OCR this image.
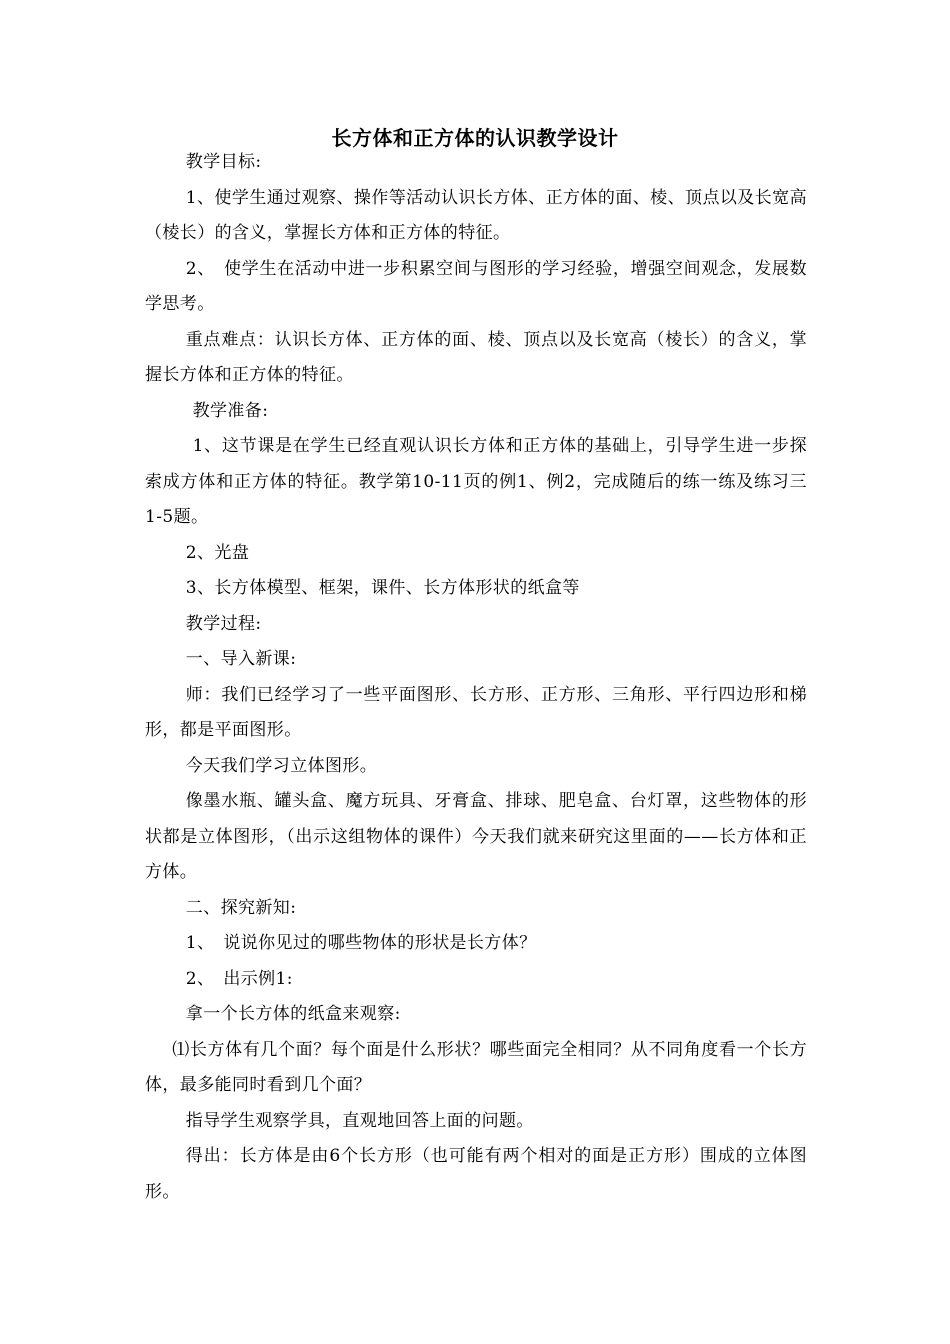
长方体和正方体的认识教学设计

教学目标:

1、使学生通过观察、操作等活动认识长方体、正方体的面、棱、顶点以及长宽高（棱长）的含义，掌握长方体和正方体的特征。

2、　使学生在活动中进一步积累空间与图形的学习经验，增强空间观念，发展数学思考。

重点难点：认识长方体、正方体的面、棱、顶点以及长宽高（棱长）的含义，掌握长方体和正方体的特征。

教学准备:

1、这节课是在学生已经直观认识长方体和正方体的基础上，引导学生进一步探索成方体和正方体的特征。教学第10-11页的例1、例2，完成随后的练一练及练习三1-5题。

2、光盘

3、长方体模型、框架，课件、长方体形状的纸盒等

教学过程:

一、导入新课:

师：我们已经学习了一些平面图形、长方形、正方形、三角形、平行四边形和梯形，都是平面图形。

今天我们学习立体图形。

像墨水瓶、罐头盒、魔方玩具、牙膏盒、排球、肥皂盒、台灯罩，这些物体的形状都是立体图形，（出示这组物体的课件）今天我们就来研究这里面的——长方体和正方体。

二、探究新知:

1、　说说你见过的哪些物体的形状是长方体？

2、　出示例1:

拿一个长方体的纸盒来观察:

⑴长方体有几个面？每个面是什么形状？哪些面完全相同？从不同角度看一个长方体，最多能同时看到几个面？

指导学生观察学具，直观地回答上面的问题。

得出：长方体是由6个长方形（也可能有两个相对的面是正方形）围成的立体图形。
